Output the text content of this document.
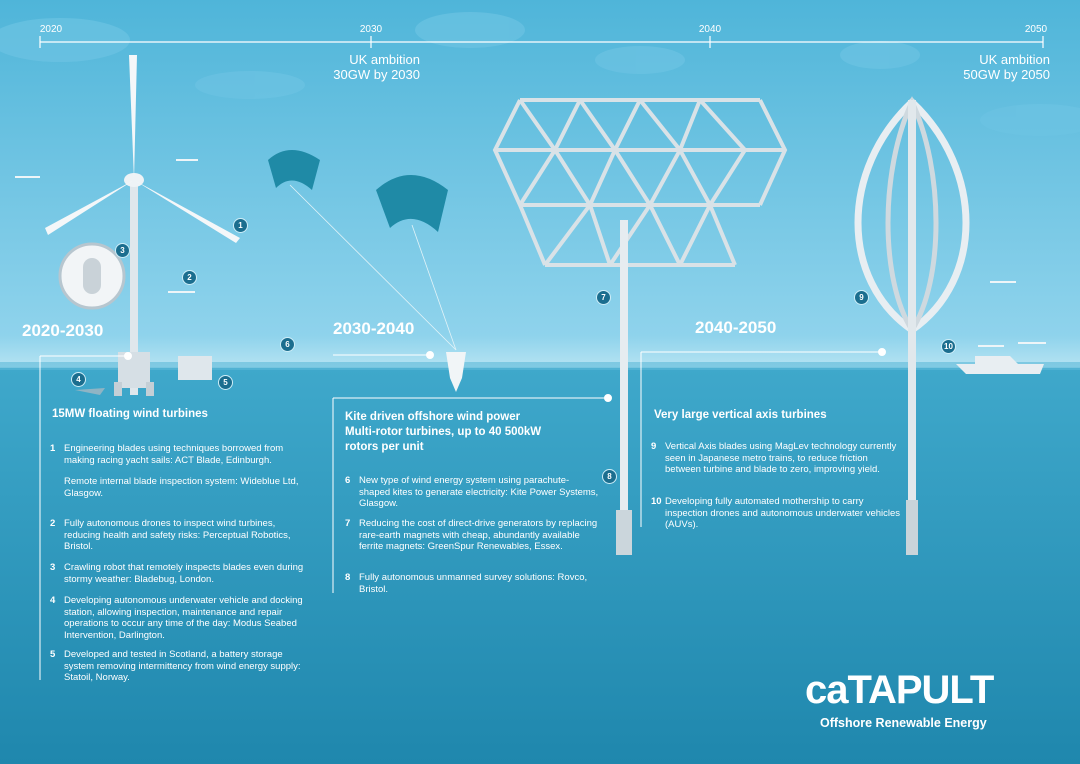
2020	2030	2040	2050
UK ambition
30GW by 2030
UK ambition
50GW by 2050
1
2
3
4	5
6
7
8
9
10
2020-2030
15MW floating wind turbines
1 Engineering blades using techniques borrowed from making racing yacht sails: ACT Blade, Edinburgh.
Remote internal blade inspection system: Wideblue Ltd, Glasgow.
2 Fully autonomous drones to inspect wind turbines, reducing health and safety risks: Perceptual Robotics, Bristol.
3 Crawling robot that remotely inspects blades even during stormy weather: Bladebug, London.
4 Developing autonomous underwater vehicle and docking station, allowing inspection, maintenance and repair operations to occur any time of the day: Modus Seabed Intervention, Darlington.
5 Developed and tested in Scotland, a battery storage system removing intermittency from wind energy supply: Statoil, Norway.
2030-2040
Kite driven offshore wind power
Multi-rotor turbines, up to 40 500kW
rotors per unit
6 New type of wind energy system using parachute-shaped kites to generate electricity: Kite Power Systems, Glasgow.
7 Reducing the cost of direct-drive generators by replacing rare-earth magnets with cheap, abundantly available ferrite magnets: GreenSpur Renewables, Essex.
8 Fully autonomous unmanned survey solutions: Rovco, Bristol.
2040-2050
Very large vertical axis turbines
9 Vertical Axis blades using MagLev technology currently seen in Japanese metro trains, to reduce friction between turbine and blade to zero, improving yield.
10 Developing fully automated mothership to carry inspection drones and autonomous underwater vehicles (AUVs).
caTAPULT
Offshore Renewable Energy
